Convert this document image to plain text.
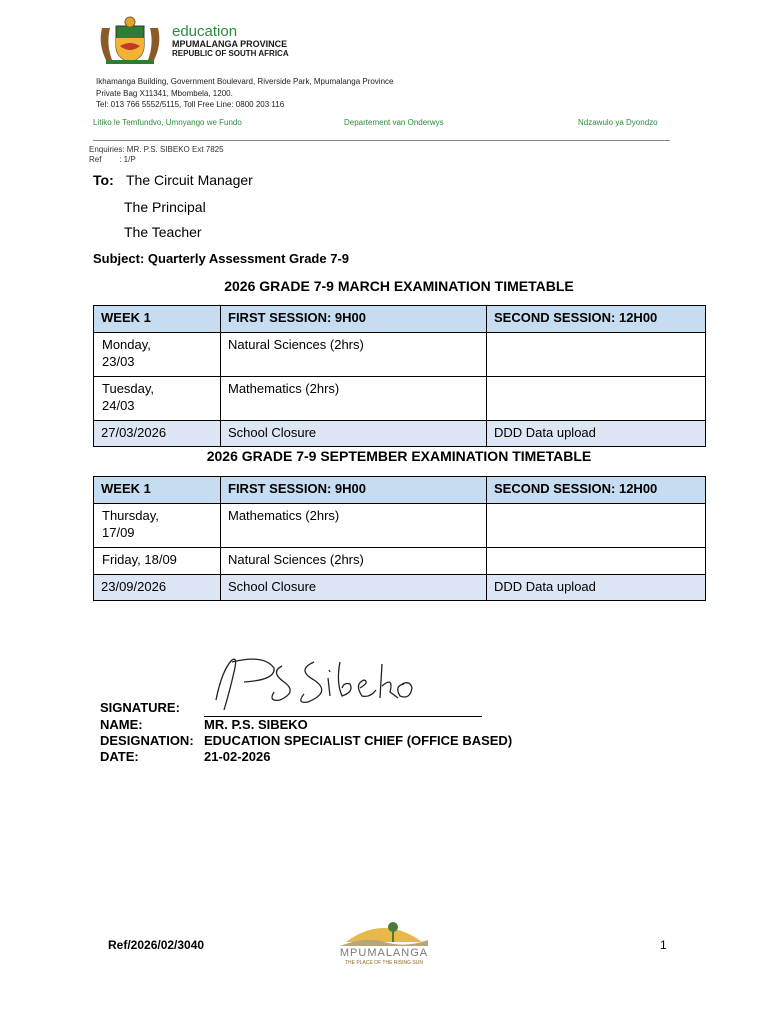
education
MPUMALANGA PROVINCE
REPUBLIC OF SOUTH AFRICA
Ikhamanga Building, Government Boulevard, Riverside Park, Mpumalanga Province
Private Bag X11341, Mbombela, 1200.
Tel: 013 766 5552/5115, Toll Free Line: 0800 203 116
Litiko le Temfundvo, Umnyango we Fundo	Departement van Onderwys	Ndzawulo ya Dyondzo
Enquiries: MR. P.S. SIBEKO Ext 7825
Ref        : 1/P
To: The Circuit Manager
The Principal
The Teacher
Subject: Quarterly Assessment Grade 7-9
2026 GRADE 7-9 MARCH EXAMINATION TIMETABLE
WEEK 1	FIRST SESSION: 9H00	SECOND SESSION: 12H00
Monday,
23/03	Natural Sciences (2hrs)	
Tuesday,
24/03	Mathematics (2hrs)	
27/03/2026	School Closure	DDD Data upload
2026 GRADE 7-9 SEPTEMBER EXAMINATION TIMETABLE
WEEK 1	FIRST SESSION: 9H00	SECOND SESSION: 12H00
Thursday,
17/09	Mathematics (2hrs)	
Friday, 18/09	Natural Sciences (2hrs)	
23/09/2026	School Closure	DDD Data upload
SIGNATURE:
NAME:	MR. P.S. SIBEKO
DESIGNATION: EDUCATION SPECIALIST CHIEF (OFFICE BASED)
DATE:	21-02-2026
Ref/2026/02/3040
MPUMALANGA
THE PLACE OF THE RISING SUN
1
